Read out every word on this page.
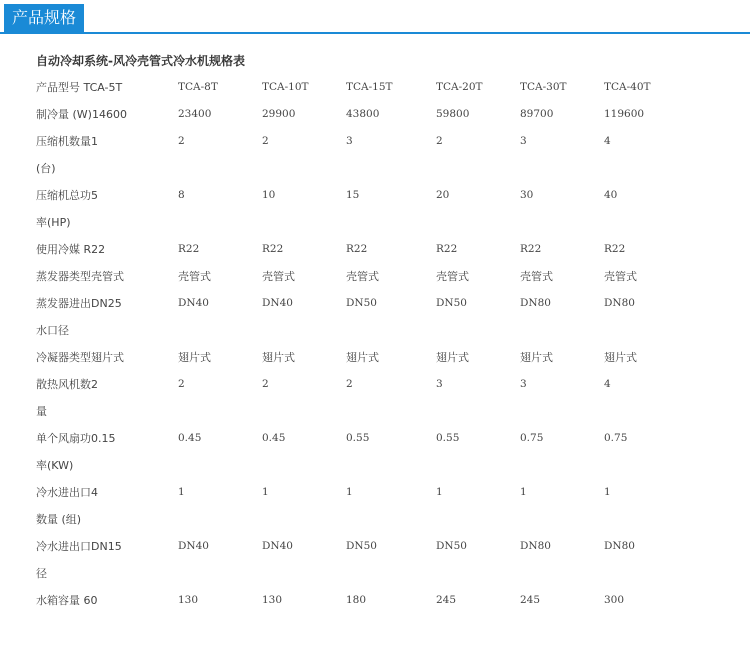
产品规格
自动冷却系统-风冷壳管式冷水机规格表
产品型号 TCA-5T	TCA-8T	TCA-10T	TCA-15T	TCA-20T	TCA-30T	TCA-40T
制冷量 (W)14600	23400	29900	43800	59800	89700	119600
压缩机数量1	2	2	3	2	3	4
(台)
压缩机总功5	8	10	15	20	30	40
率(HP)
使用冷媒 R22	R22	R22	R22	R22	R22	R22
蒸发器类型壳管式	壳管式	壳管式	壳管式	壳管式	壳管式	壳管式
蒸发器进出DN25	DN40	DN40	DN50	DN50	DN80	DN80
水口径
冷凝器类型翅片式	翅片式	翅片式	翅片式	翅片式	翅片式	翅片式
散热风机数2	2	2	2	3	3	4
量
单个风扇功0.15	0.45	0.45	0.55	0.55	0.75	0.75
率(KW)
冷水进出口4	1	1	1	1	1	1
数量 (组)
冷水进出口DN15	DN40	DN40	DN50	DN50	DN80	DN80
径
水箱容量 60	130	130	180	245	245	300
